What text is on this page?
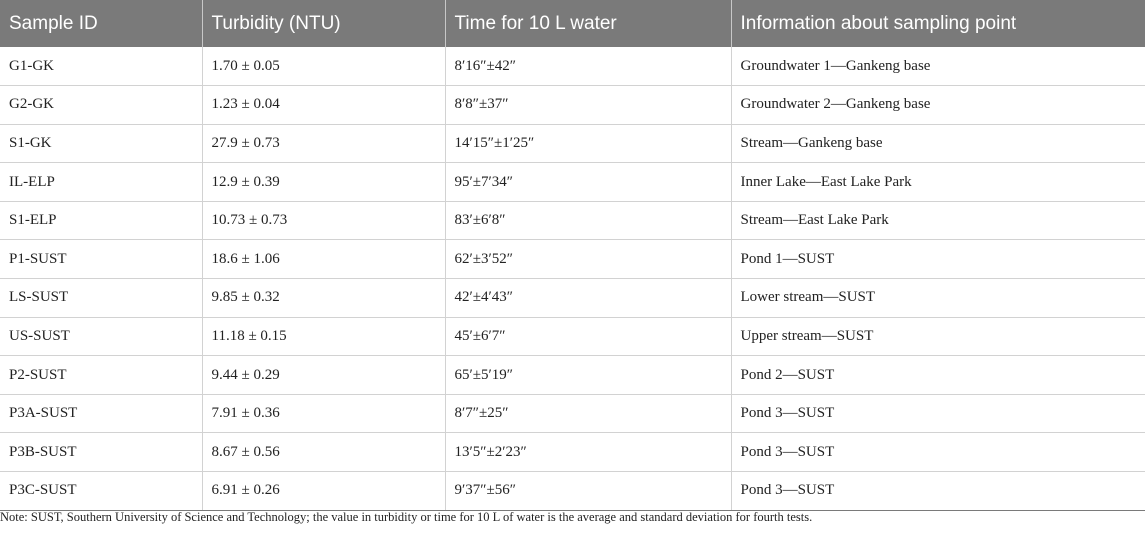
Sample ID	Turbidity (NTU)	Time for 10 L water	Information about sampling point
G1-GK	1.70 ± 0.05	8′16″±42″	Groundwater 1—Gankeng base
G2-GK	1.23 ± 0.04	8′8″±37″	Groundwater 2—Gankeng base
S1-GK	27.9 ± 0.73	14′15″±1′25″	Stream—Gankeng base
IL-ELP	12.9 ± 0.39	95′±7′34″	Inner Lake—East Lake Park
S1-ELP	10.73 ± 0.73	83′±6′8″	Stream—East Lake Park
P1-SUST	18.6 ± 1.06	62′±3′52″	Pond 1—SUST
LS-SUST	9.85 ± 0.32	42′±4′43″	Lower stream—SUST
US-SUST	11.18 ± 0.15	45′±6′7″	Upper stream—SUST
P2-SUST	9.44 ± 0.29	65′±5′19″	Pond 2—SUST
P3A-SUST	7.91 ± 0.36	8′7″±25″	Pond 3—SUST
P3B-SUST	8.67 ± 0.56	13′5″±2′23″	Pond 3—SUST
P3C-SUST	6.91 ± 0.26	9′37″±56″	Pond 3—SUST
Note: SUST, Southern University of Science and Technology; the value in turbidity or time for 10 L of water is the average and standard deviation for fourth tests.
